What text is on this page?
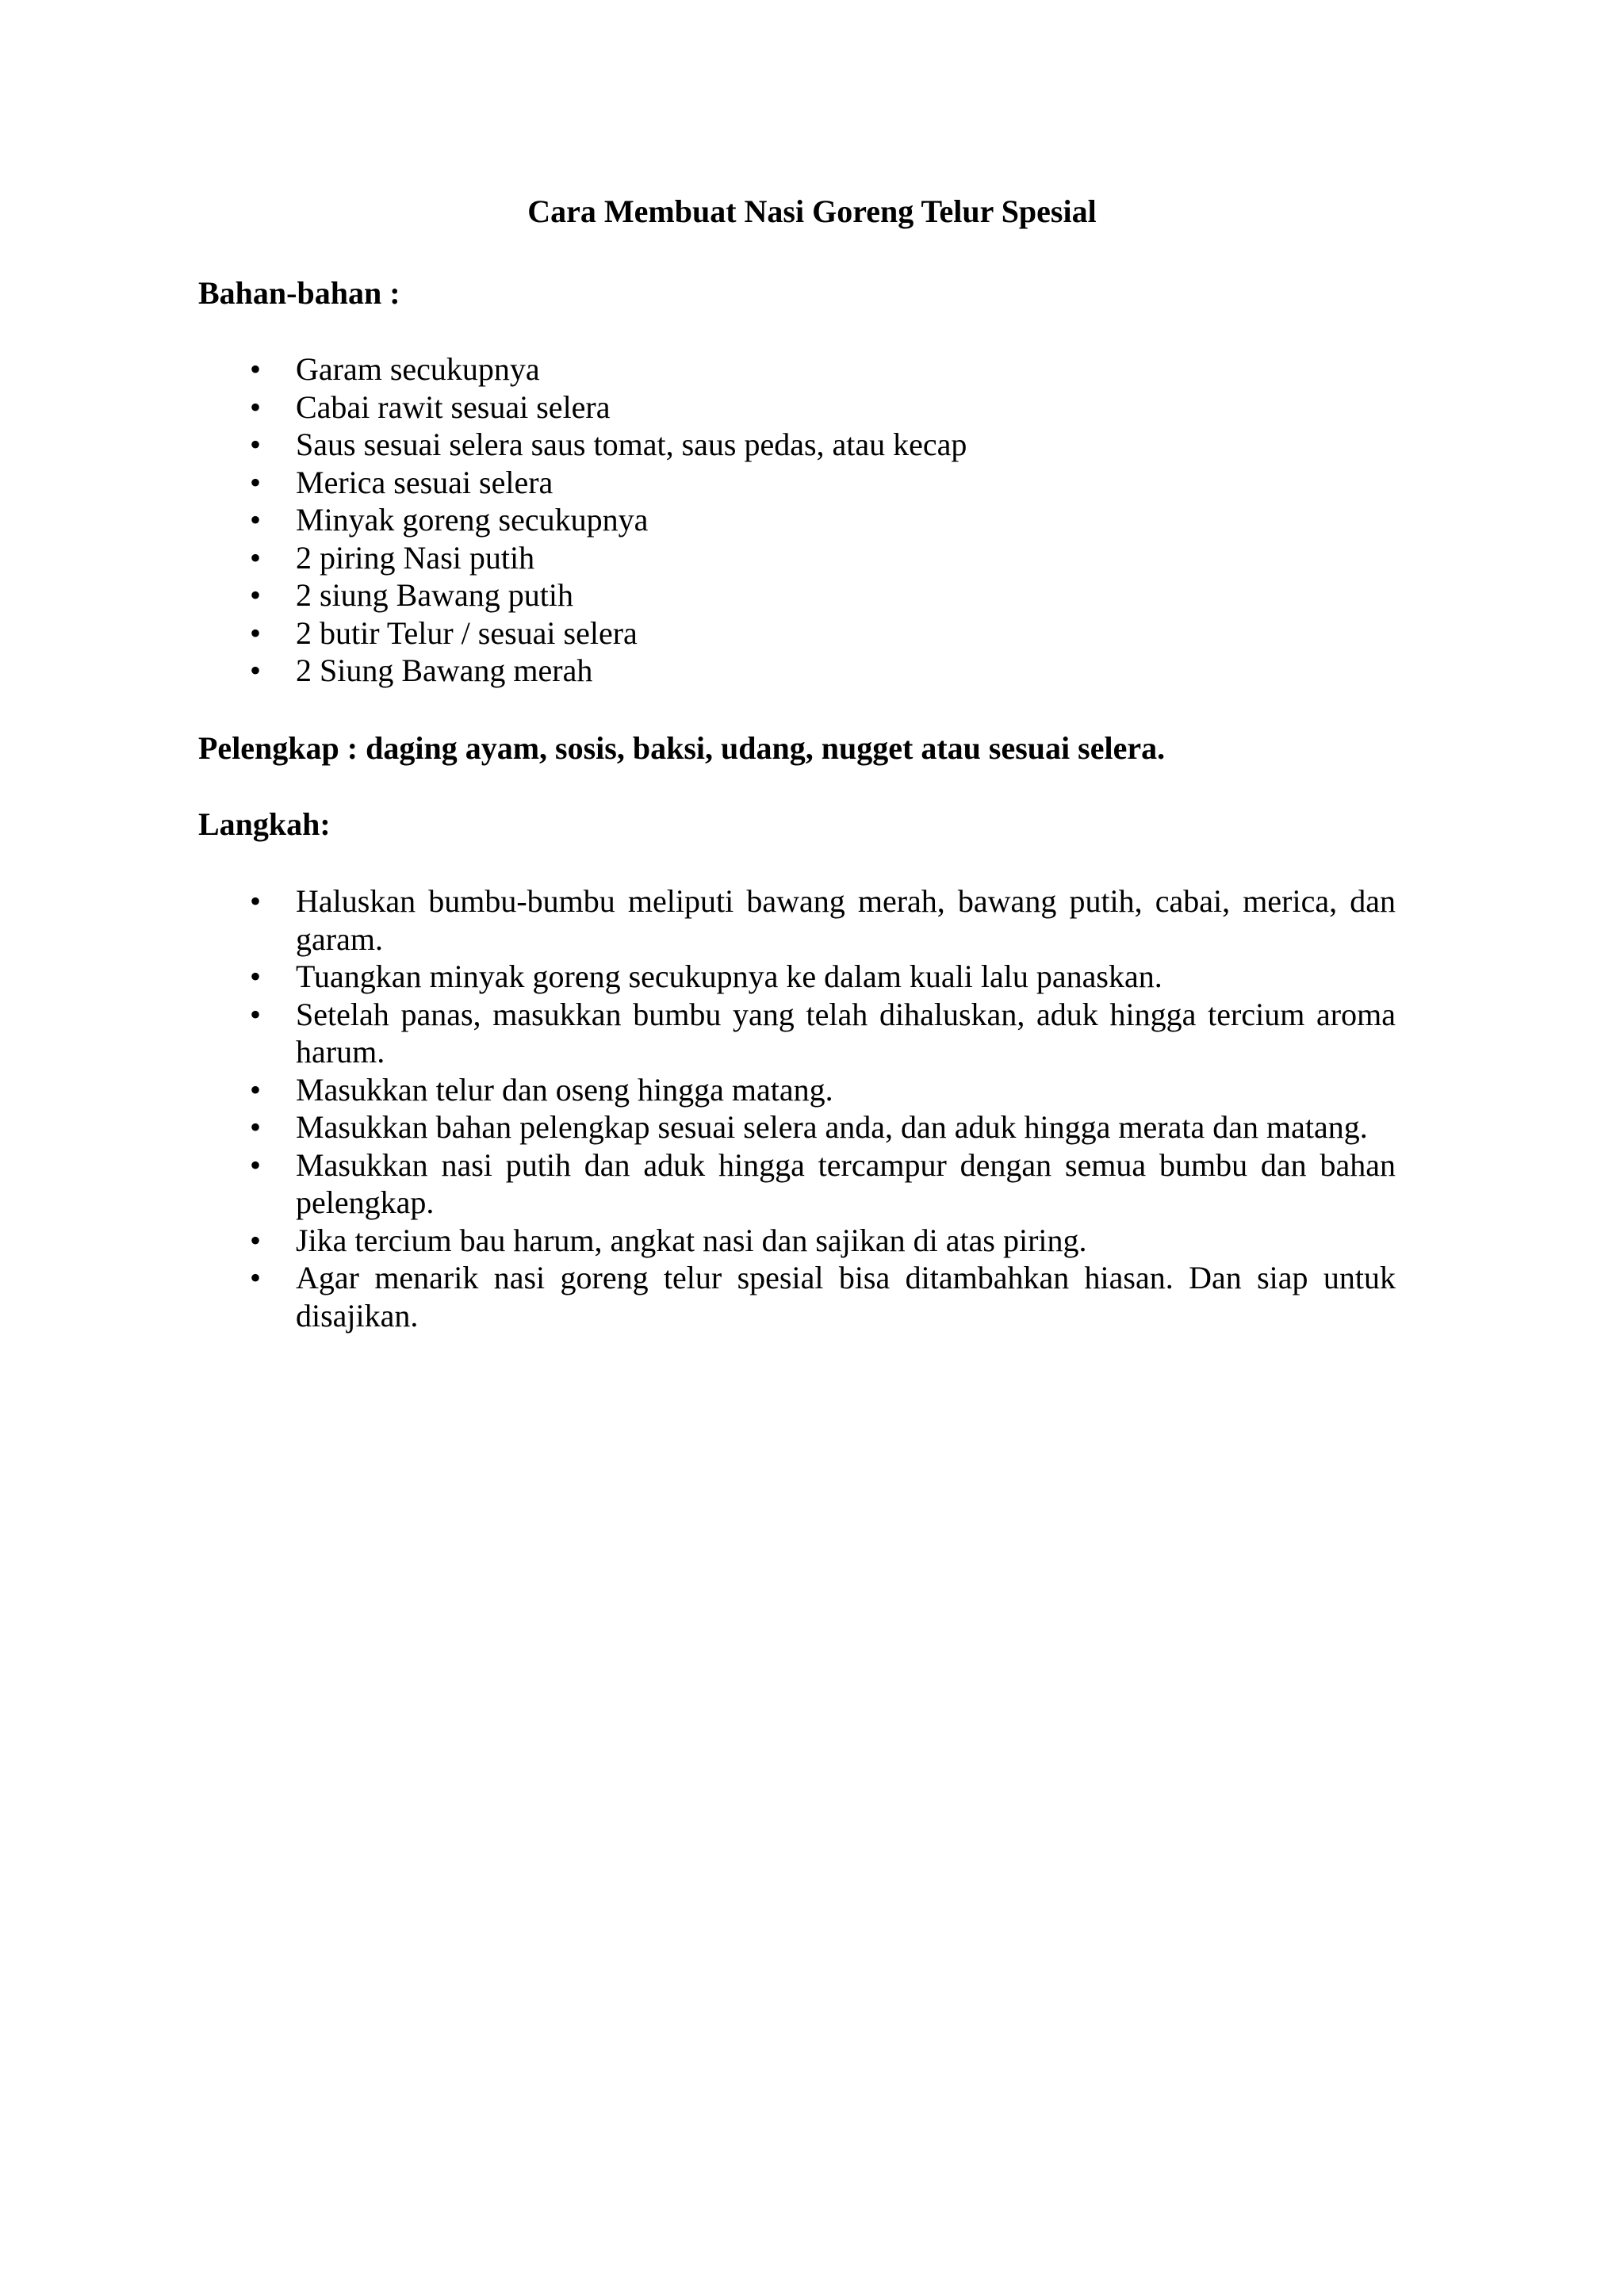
Cara Membuat Nasi Goreng Telur Spesial

Bahan-bahan :

• Garam secukupnya
• Cabai rawit sesuai selera
• Saus sesuai selera saus tomat, saus pedas, atau kecap
• Merica sesuai selera
• Minyak goreng secukupnya
• 2 piring Nasi putih
• 2 siung Bawang putih
• 2 butir Telur / sesuai selera
• 2 Siung Bawang merah

Pelengkap : daging ayam, sosis, baksi, udang, nugget atau sesuai selera.

Langkah:

• Haluskan bumbu-bumbu meliputi bawang merah, bawang putih, cabai, merica, dan garam.
• Tuangkan minyak goreng secukupnya ke dalam kuali lalu panaskan.
• Setelah panas, masukkan bumbu yang telah dihaluskan, aduk hingga tercium aroma harum.
• Masukkan telur dan oseng hingga matang.
• Masukkan bahan pelengkap sesuai selera anda, dan aduk hingga merata dan matang.
• Masukkan nasi putih dan aduk hingga tercampur dengan semua bumbu dan bahan pelengkap.
• Jika tercium bau harum, angkat nasi dan sajikan di atas piring.
• Agar menarik nasi goreng telur spesial bisa ditambahkan hiasan. Dan siap untuk disajikan.
